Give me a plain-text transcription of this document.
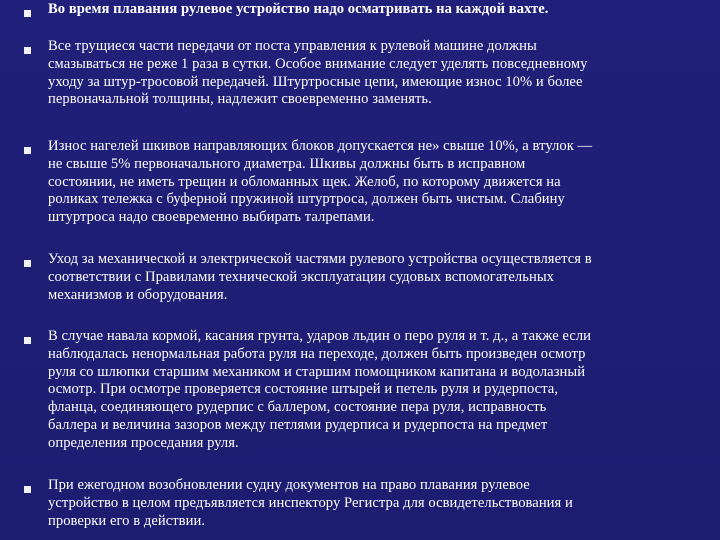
Во время плавания рулевое устройство надо осматривать на каждой вахте.

Все трущиеся части передачи от поста управления к рулевой машине должны
смазываться не реже 1 раза в сутки. Особое внимание следует уделять повседневному
уходу за штур-тросовой передачей. Штуртросные цепи, имеющие износ 10% и более
первоначальной толщины, надлежит своевременно заменять.

Износ нагелей шкивов направляющих блоков допускается не» свыше 10%, а втулок —
не свыше 5% первоначального диаметра. Шкивы должны быть в исправном
состоянии, не иметь трещин и обломанных щек. Желоб, по которому движется на
роликах тележка с буферной пружиной штуртроса, должен быть чистым. Слабину
штуртроса надо своевременно выбирать талрепами.

Уход за механической и электрической частями рулевого устройства осуществляется в
соответствии с Правилами технической эксплуатации судовых вспомогательных
механизмов и оборудования.

В случае навала кормой, касания грунта, ударов льдин о перо руля и т. д., а также если
наблюдалась ненормальная работа руля на переходе, должен быть произведен осмотр
руля со шлюпки старшим механиком и старшим помощником капитана и водолазный
осмотр. При осмотре проверяется состояние штырей и петель руля и рудерпоста,
фланца, соединяющего рудерпис с баллером, состояние пера руля, исправность
баллера и величина зазоров между петлями рудерписа и рудерпоста на предмет
определения проседания руля.

При ежегодном возобновлении судну документов на право плавания рулевое
устройство в целом предъявляется инспектору Регистра для освидетельствования и
проверки его в действии.
